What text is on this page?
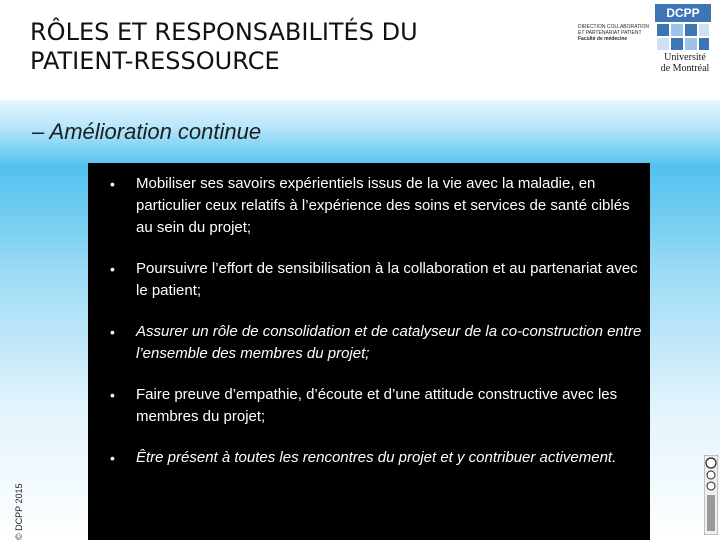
RÔLES ET RESPONSABILITÉS DU
PATIENT-RESSOURCE
DIRECTION COLLABORATION
ET PARTENARIAT PATIENT
Faculté de médecine
DCPP
Université
de Montréal
– Amélioration continue
• Mobiliser ses savoirs expérientiels issus de la vie avec la maladie, en particulier ceux relatifs à l’expérience des soins et services de santé ciblés au sein du projet;
• Poursuivre l’effort de sensibilisation à la collaboration et au partenariat avec le patient;
• Assurer un rôle de consolidation et de catalyseur de la co-construction entre l’ensemble des membres du projet;
• Faire preuve d’empathie, d’écoute et d’une attitude constructive avec les membres du projet;
• Être présent à toutes les rencontres du projet et y contribuer activement.
© DCPP 2015
